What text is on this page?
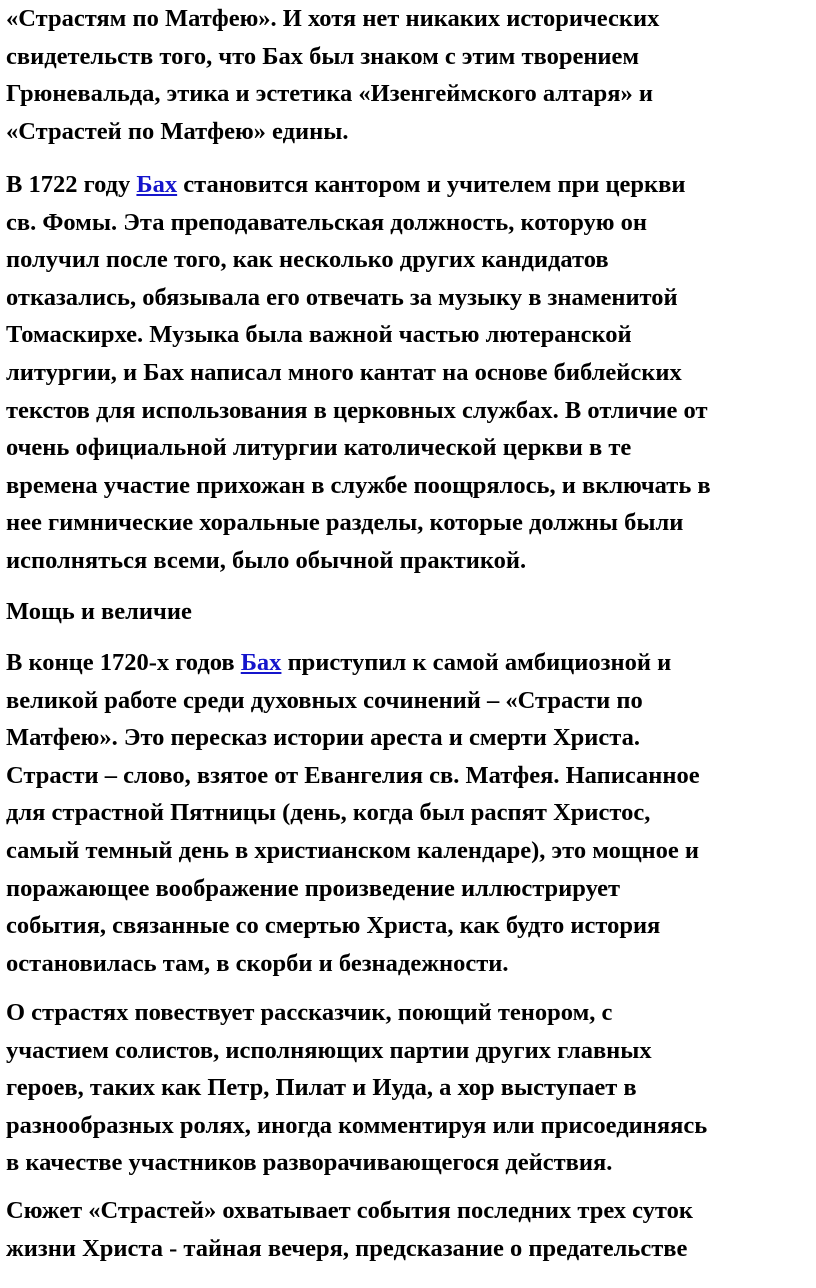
«Страстям по Матфею». И хотя нет никаких исторических
свидетельств того, что Бах был знаком с этим творением
Грюневальда, этика и эстетика «Изенгеймского алтаря» и
«Страстей по Матфею» едины.

В 1722 году Бах становится кантором и учителем при церкви
св. Фомы. Эта преподавательская должность, которую он
получил после того, как несколько других кандидатов
отказались, обязывала его отвечать за музыку в знаменитой
Томаскирхе. Музыка была важной частью лютеранской
литургии, и Бах написал много кантат на основе библейских
текстов для использования в церковных службах. В отличие от
очень официальной литургии католической церкви в те
времена участие прихожан в службе поощрялось, и включать в
нее гимнические хоральные разделы, которые должны были
исполняться всеми, было обычной практикой.

Мощь и величие

В конце 1720-х годов Бах приступил к самой амбициозной и
великой работе среди духовных сочинений – «Страсти по
Матфею». Это пересказ истории ареста и смерти Христа.
Страсти – слово, взятое от Евангелия св. Матфея. Написанное
для страстной Пятницы (день, когда был распят Христос,
самый темный день в христианском календаре), это мощное и
поражающее воображение произведение иллюстрирует
события, связанные со смертью Христа, как будто история
остановилась там, в скорби и безнадежности.

О страстях повествует рассказчик, поющий тенором, с
участием солистов, исполняющих партии других главных
героев, таких как Петр, Пилат и Иуда, а хор выступает в
разнообразных ролях, иногда комментируя или присоединяясь
в качестве участников разворачивающегося действия.

Сюжет «Страстей» охватывает события последних трех суток
жизни Христа - тайная вечеря, предсказание о предательстве
